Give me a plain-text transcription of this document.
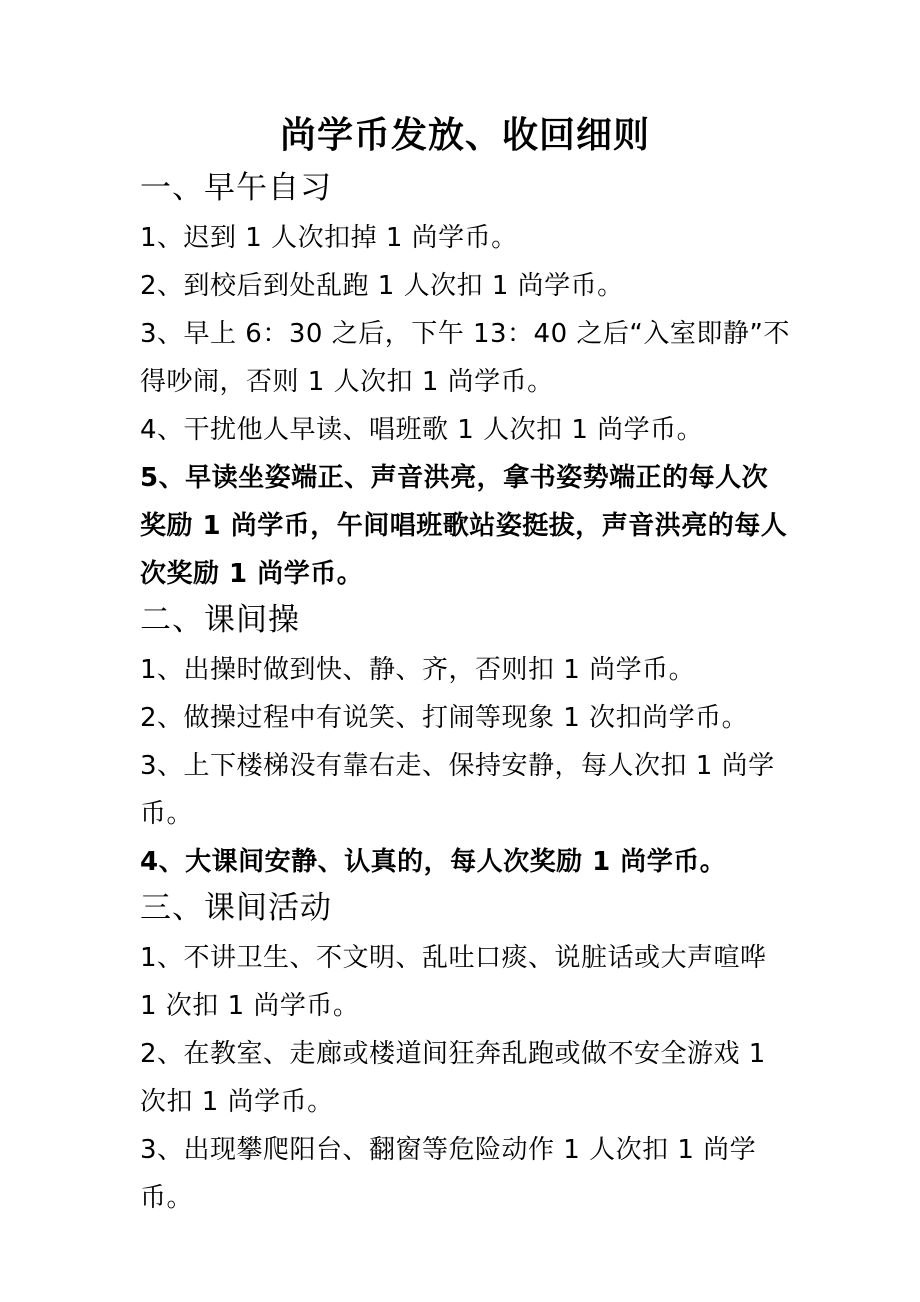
尚学币发放、收回细则
一、早午自习

1、迟到 1 人次扣掉 1 尚学币。

2、到校后到处乱跑 1 人次扣 1 尚学币。

3、早上 6：30 之后，下午 13：40 之后“入室即静”不得吵闹，否则 1 人次扣 1 尚学币。

4、干扰他人早读、唱班歌 1 人次扣 1 尚学币。

5、早读坐姿端正、声音洪亮，拿书姿势端正的每人次奖励 1 尚学币，午间唱班歌站姿挺拔，声音洪亮的每人次奖励 1 尚学币。

二、课间操

1、出操时做到快、静、齐，否则扣 1 尚学币。

2、做操过程中有说笑、打闹等现象 1 次扣尚学币。

3、上下楼梯没有靠右走、保持安静，每人次扣 1 尚学币。

4、大课间安静、认真的，每人次奖励 1 尚学币。

三、课间活动

1、不讲卫生、不文明、乱吐口痰、说脏话或大声喧哗 1 次扣 1 尚学币。

2、在教室、走廊或楼道间狂奔乱跑或做不安全游戏 1 次扣 1 尚学币。

3、出现攀爬阳台、翻窗等危险动作 1 人次扣 1 尚学币。
